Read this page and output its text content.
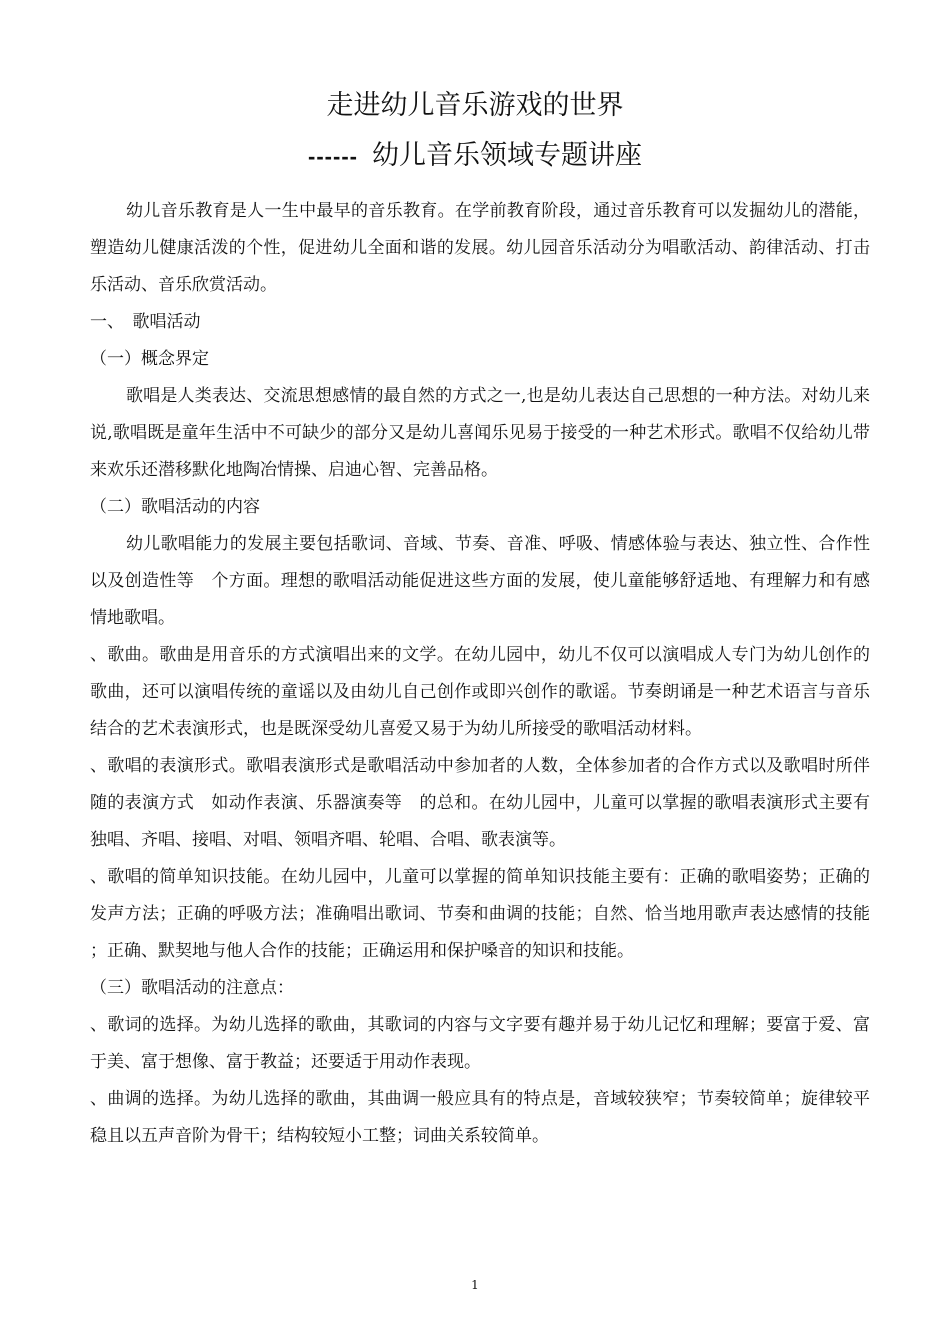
走进幼儿音乐游戏的世界
------ 幼儿音乐领域专题讲座

幼儿音乐教育是人一生中最早的音乐教育。在学前教育阶段，通过音乐教育可以发掘幼儿的潜能，塑造幼儿健康活泼的个性，促进幼儿全面和谐的发展。幼儿园音乐活动分为唱歌活动、韵律活动、打击乐活动、音乐欣赏活动。

一、　歌唱活动

（一）概念界定

歌唱是人类表达、交流思想感情的最自然的方式之一,也是幼儿表达自己思想的一种方法。对幼儿来说,歌唱既是童年生活中不可缺少的部分又是幼儿喜闻乐见易于接受的一种艺术形式。歌唱不仅给幼儿带来欢乐还潜移默化地陶冶情操、启迪心智、完善品格。

（二）歌唱活动的内容

幼儿歌唱能力的发展主要包括歌词、音域、节奏、音准、呼吸、情感体验与表达、独立性、合作性以及创造性等　个方面。理想的歌唱活动能促进这些方面的发展，使儿童能够舒适地、有理解力和有感情地歌唱。

、歌曲。歌曲是用音乐的方式演唱出来的文学。在幼儿园中，幼儿不仅可以演唱成人专门为幼儿创作的歌曲，还可以演唱传统的童谣以及由幼儿自己创作或即兴创作的歌谣。节奏朗诵是一种艺术语言与音乐结合的艺术表演形式，也是既深受幼儿喜爱又易于为幼儿所接受的歌唱活动材料。

、歌唱的表演形式。歌唱表演形式是歌唱活动中参加者的人数，全体参加者的合作方式以及歌唱时所伴随的表演方式　如动作表演、乐器演奏等　的总和。在幼儿园中，儿童可以掌握的歌唱表演形式主要有独唱、齐唱、接唱、对唱、领唱齐唱、轮唱、合唱、歌表演等。

、歌唱的简单知识技能。在幼儿园中，儿童可以掌握的简单知识技能主要有：正确的歌唱姿势；正确的发声方法；正确的呼吸方法；准确唱出歌词、节奏和曲调的技能；自然、恰当地用歌声表达感情的技能；正确、默契地与他人合作的技能；正确运用和保护嗓音的知识和技能。

（三）歌唱活动的注意点：

、歌词的选择。为幼儿选择的歌曲，其歌词的内容与文字要有趣并易于幼儿记忆和理解；要富于爱、富于美、富于想像、富于教益；还要适于用动作表现。

、曲调的选择。为幼儿选择的歌曲，其曲调一般应具有的特点是，音域较狭窄；节奏较简单；旋律较平稳且以五声音阶为骨干；结构较短小工整；词曲关系较简单。

1
